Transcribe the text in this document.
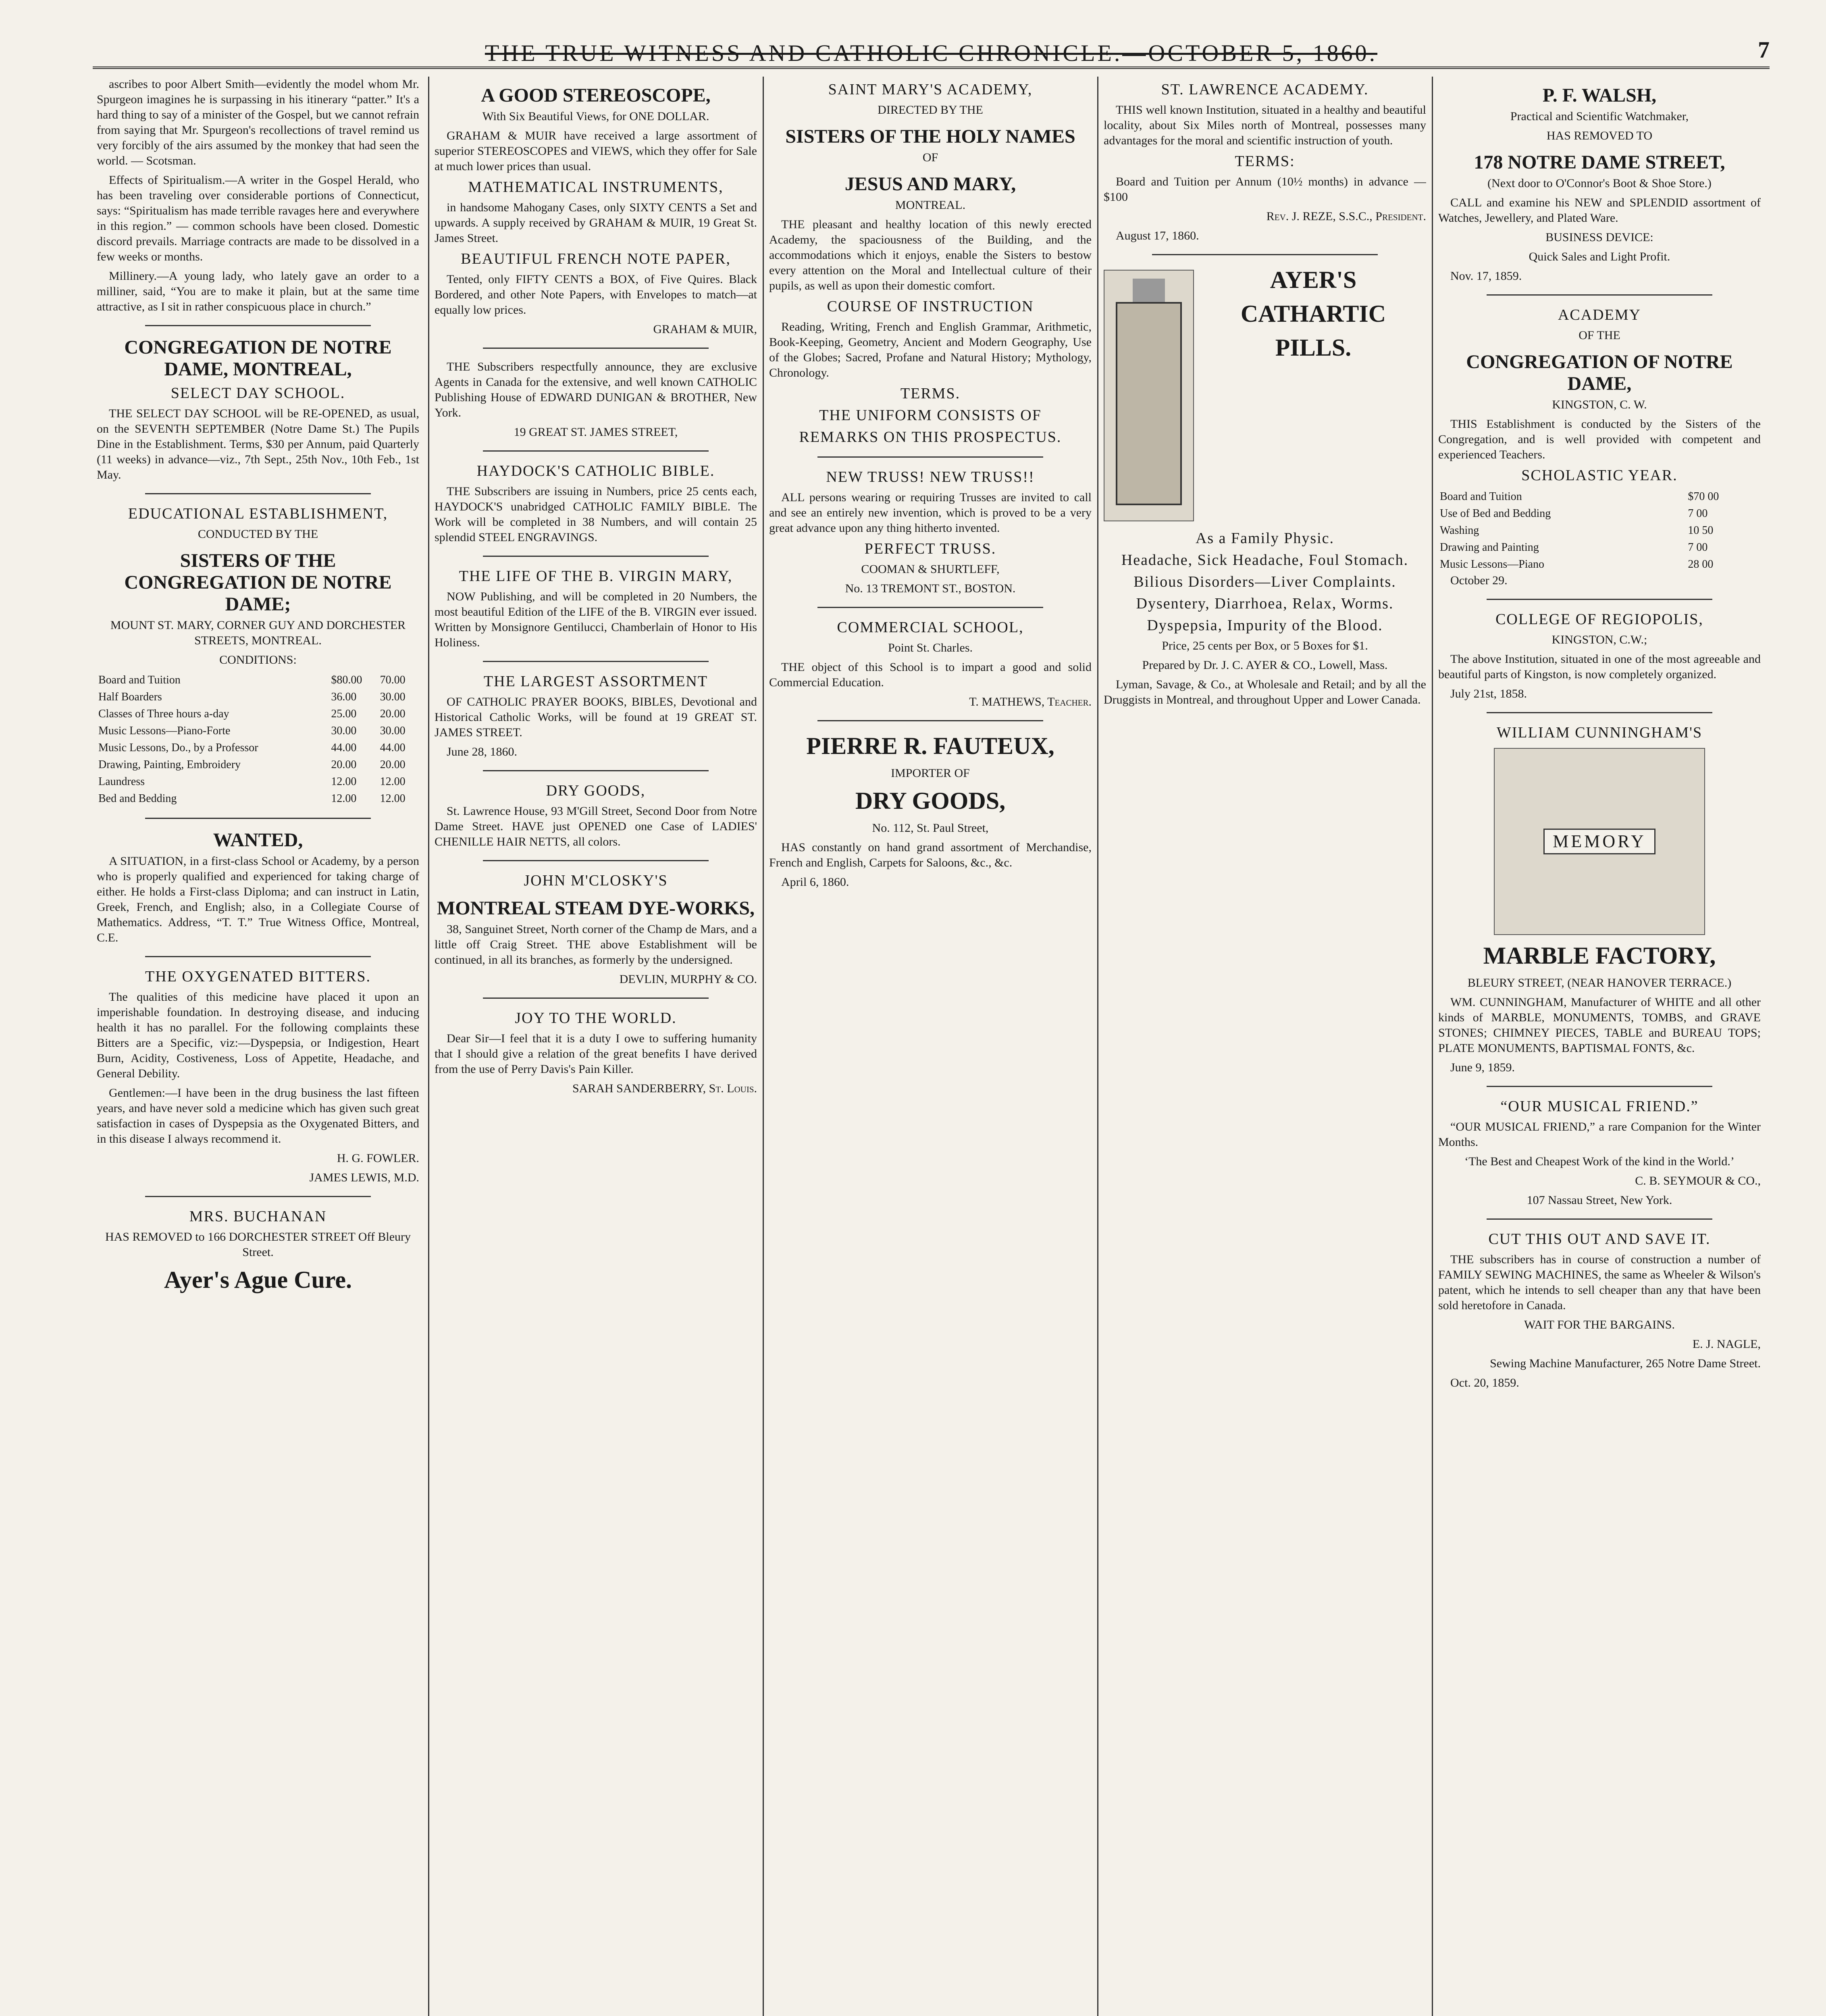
THE TRUE WITNESS AND CATHOLIC CHRONICLE.—OCTOBER 5, 1860.	7

ascribes to poor Albert Smith—evidently the model whom Mr. Spurgeon imagines he is surpassing in his itinerary “patter.” It's a hard thing to say of a minister of the Gospel, but we cannot refrain from saying that Mr. Spurgeon's recollections of travel remind us very forcibly of the airs assumed by the monkey that had seen the world. — Scotsman.

Effects of Spiritualism.—A writer in the Gospel Herald, who has been traveling over considerable portions of Connecticut, says: “Spiritualism has made terrible ravages here and everywhere in this region.” — common schools have been closed. Domestic discord prevails. Marriage contracts are made to be dissolved in a few weeks or months.

Millinery.—A young lady, who lately gave an order to a milliner, said, “You are to make it plain, but at the same time attractive, as I sit in rather conspicuous place in church.”

CONGREGATION DE NOTRE DAME, MONTREAL,
SELECT DAY SCHOOL.

THE SELECT DAY SCHOOL will be RE-OPENED, as usual, on the SEVENTH SEPTEMBER (Notre Dame St.) The Pupils Dine in the Establishment. Terms, $30 per Annum, paid Quarterly (11 weeks) in advance—viz., 7th Sept., 25th Nov., 10th Feb., 1st May.

EDUCATIONAL ESTABLISHMENT,

CONDUCTED BY THE

SISTERS OF THE CONGREGATION DE NOTRE DAME;

MOUNT ST. MARY, CORNER GUY AND DORCHESTER STREETS, MONTREAL.

CONDITIONS:

Board and Tuition	$80.00	70.00
Half Boarders	36.00	30.00
Classes of Three hours a-day	25.00	20.00
Music Lessons—Piano-Forte	30.00	30.00
Music Lessons, Do., by a Professor	44.00	44.00
Drawing, Painting, Embroidery	20.00	20.00
Laundress	12.00	12.00
Bed and Bedding	12.00	12.00
WANTED,

A SITUATION, in a first-class School or Academy, by a person who is properly qualified and experienced for taking charge of either. He holds a First-class Diploma; and can instruct in Latin, Greek, French, and English; also, in a Collegiate Course of Mathematics. Address, “T. T.” True Witness Office, Montreal, C.E.

THE OXYGENATED BITTERS.

The qualities of this medicine have placed it upon an imperishable foundation. In destroying disease, and inducing health it has no parallel. For the following complaints these Bitters are a Specific, viz:—Dyspepsia, or Indigestion, Heart Burn, Acidity, Costiveness, Loss of Appetite, Headache, and General Debility.

Gentlemen:—I have been in the drug business the last fifteen years, and have never sold a medicine which has given such great satisfaction in cases of Dyspepsia as the Oxygenated Bitters, and in this disease I always recommend it.

H. G. FOWLER.

JAMES LEWIS, M.D.

MRS. BUCHANAN

HAS REMOVED to 166 DORCHESTER STREET Off Bleury Street.

Ayer's Ague Cure.
A GOOD STEREOSCOPE,

With Six Beautiful Views, for ONE DOLLAR.

GRAHAM & MUIR have received a large assortment of superior STEREOSCOPES and VIEWS, which they offer for Sale at much lower prices than usual.

MATHEMATICAL INSTRUMENTS,

in handsome Mahogany Cases, only SIXTY CENTS a Set and upwards. A supply received by GRAHAM & MUIR, 19 Great St. James Street.

BEAUTIFUL FRENCH NOTE PAPER,

Tented, only FIFTY CENTS a BOX, of Five Quires. Black Bordered, and other Note Papers, with Envelopes to match—at equally low prices.

GRAHAM & MUIR,

THE Subscribers respectfully announce, they are exclusive Agents in Canada for the extensive, and well known CATHOLIC Publishing House of EDWARD DUNIGAN & BROTHER, New York.

19 GREAT ST. JAMES STREET,

HAYDOCK'S CATHOLIC BIBLE.

THE Subscribers are issuing in Numbers, price 25 cents each, HAYDOCK'S unabridged CATHOLIC FAMILY BIBLE. The Work will be completed in 38 Numbers, and will contain 25 splendid STEEL ENGRAVINGS.

THE LIFE OF THE B. VIRGIN MARY,

NOW Publishing, and will be completed in 20 Numbers, the most beautiful Edition of the LIFE of the B. VIRGIN ever issued. Written by Monsignore Gentilucci, Chamberlain of Honor to His Holiness.

THE LARGEST ASSORTMENT

OF CATHOLIC PRAYER BOOKS, BIBLES, Devotional and Historical Catholic Works, will be found at 19 GREAT ST. JAMES STREET.

June 28, 1860.

DRY GOODS,

St. Lawrence House, 93 M'Gill Street, Second Door from Notre Dame Street. HAVE just OPENED one Case of LADIES' CHENILLE HAIR NETTS, all colors.

JOHN M'CLOSKY'S
MONTREAL STEAM DYE-WORKS,

38, Sanguinet Street, North corner of the Champ de Mars, and a little off Craig Street. THE above Establishment will be continued, in all its branches, as formerly by the undersigned.

DEVLIN, MURPHY & CO.

JOY TO THE WORLD.

Dear Sir—I feel that it is a duty I owe to suffering humanity that I should give a relation of the great benefits I have derived from the use of Perry Davis's Pain Killer.

SARAH SANDERBERRY, St. Louis.

SAINT MARY'S ACADEMY,

DIRECTED BY THE

SISTERS OF THE HOLY NAMES

OF

JESUS AND MARY,

MONTREAL.

THE pleasant and healthy location of this newly erected Academy, the spaciousness of the Building, and the accommodations which it enjoys, enable the Sisters to bestow every attention on the Moral and Intellectual culture of their pupils, as well as upon their domestic comfort.

COURSE OF INSTRUCTION

Reading, Writing, French and English Grammar, Arithmetic, Book-Keeping, Geometry, Ancient and Modern Geography, Use of the Globes; Sacred, Profane and Natural History; Mythology, Chronology.

TERMS.
THE UNIFORM CONSISTS OF
REMARKS ON THIS PROSPECTUS.
NEW TRUSS! NEW TRUSS!!

ALL persons wearing or requiring Trusses are invited to call and see an entirely new invention, which is proved to be a very great advance upon any thing hitherto invented.

PERFECT TRUSS.

COOMAN & SHURTLEFF,

No. 13 TREMONT ST., BOSTON.

COMMERCIAL SCHOOL,

Point St. Charles.

THE object of this School is to impart a good and solid Commercial Education.

T. MATHEWS, Teacher.

PIERRE R. FAUTEUX,

IMPORTER OF

DRY GOODS,

No. 112, St. Paul Street,

HAS constantly on hand grand assortment of Merchandise, French and English, Carpets for Saloons, &c., &c.

April 6, 1860.

ST. LAWRENCE ACADEMY.

THIS well known Institution, situated in a healthy and beautiful locality, about Six Miles north of Montreal, possesses many advantages for the moral and scientific instruction of youth.

TERMS:

Board and Tuition per Annum (10½ months) in advance — $100

Rev. J. REZE, S.S.C., President.

August 17, 1860.

AYER'S
CATHARTIC
PILLS.
As a Family Physic.
Headache, Sick Headache, Foul Stomach.
Bilious Disorders—Liver Complaints.
Dysentery, Diarrhoea, Relax, Worms.
Dyspepsia, Impurity of the Blood.

Price, 25 cents per Box, or 5 Boxes for $1.

Prepared by Dr. J. C. AYER & CO., Lowell, Mass.

Lyman, Savage, & Co., at Wholesale and Retail; and by all the Druggists in Montreal, and throughout Upper and Lower Canada.

P. F. WALSH,

Practical and Scientific Watchmaker,

HAS REMOVED TO

178 NOTRE DAME STREET,

(Next door to O'Connor's Boot & Shoe Store.)

CALL and examine his NEW and SPLENDID assortment of Watches, Jewellery, and Plated Ware.

BUSINESS DEVICE:

Quick Sales and Light Profit.

Nov. 17, 1859.

ACADEMY

OF THE

CONGREGATION OF NOTRE DAME,

KINGSTON, C. W.

THIS Establishment is conducted by the Sisters of the Congregation, and is well provided with competent and experienced Teachers.

SCHOLASTIC YEAR.
Board and Tuition	$70 00
Use of Bed and Bedding	7 00
Washing	10 50
Drawing and Painting	7 00
Music Lessons—Piano	28 00

October 29.

COLLEGE OF REGIOPOLIS,

KINGSTON, C.W.;

The above Institution, situated in one of the most agreeable and beautiful parts of Kingston, is now completely organized.

July 21st, 1858.

WILLIAM CUNNINGHAM'S
MEMORY
MARBLE FACTORY,

BLEURY STREET, (NEAR HANOVER TERRACE.)

WM. CUNNINGHAM, Manufacturer of WHITE and all other kinds of MARBLE, MONUMENTS, TOMBS, and GRAVE STONES; CHIMNEY PIECES, TABLE and BUREAU TOPS; PLATE MONUMENTS, BAPTISMAL FONTS, &c.

June 9, 1859.

“OUR MUSICAL FRIEND.”

“OUR MUSICAL FRIEND,” a rare Companion for the Winter Months.

‘The Best and Cheapest Work of the kind in the World.’

C. B. SEYMOUR & CO.,

107 Nassau Street, New York.

CUT THIS OUT AND SAVE IT.

THE subscribers has in course of construction a number of FAMILY SEWING MACHINES, the same as Wheeler & Wilson's patent, which he intends to sell cheaper than any that have been sold heretofore in Canada.

WAIT FOR THE BARGAINS.

E. J. NAGLE,

Sewing Machine Manufacturer, 265 Notre Dame Street.

Oct. 20, 1859.
